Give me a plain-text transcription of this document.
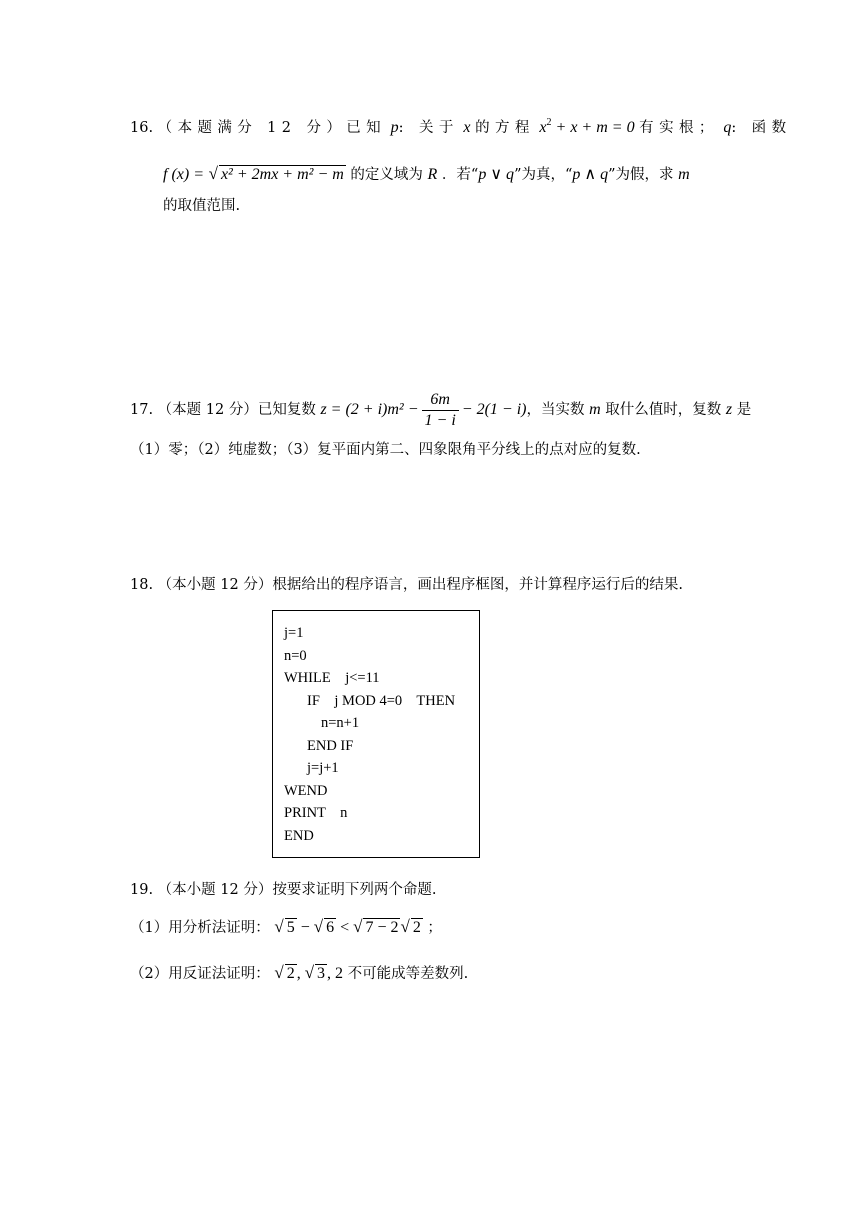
16. （本题满分 12 分）已知 p: 关于 x 的方程 $x^2 + x + m = 0$ 有实根； q: 函数
f (x) = √ x² + 2mx + m² − m 的定义域为 R ．若“p ∨ q”为真，“p ∧ q”为假，求 m
的取值范围.
17. （本题 12 分）已知复数 $z = (2 + i)m^2 - \frac{6m}{1 - i} - 2(1 - i)$，当实数 m 取什么值时，复数 z 是
（1）零；（2）纯虚数；（3）复平面内第二、四象限角平分线上的点对应的复数.
18. （本小题 12 分）根据给出的程序语言，画出程序框图，并计算程序运行后的结果.
j=1
n=0
WHILE    j<=11
IF    j MOD 4=0    THEN
n=n+1
END IF
j=j+1
WEND
PRINT    n
END
19. （本小题 12 分）按要求证明下列两个命题.
（1）用分析法证明： √ 5 − √ 6 < √ 7 − 2 √ 2 ；
（2）用反证法证明： √ 2 , √ 3 , 2 不可能成等差数列.
